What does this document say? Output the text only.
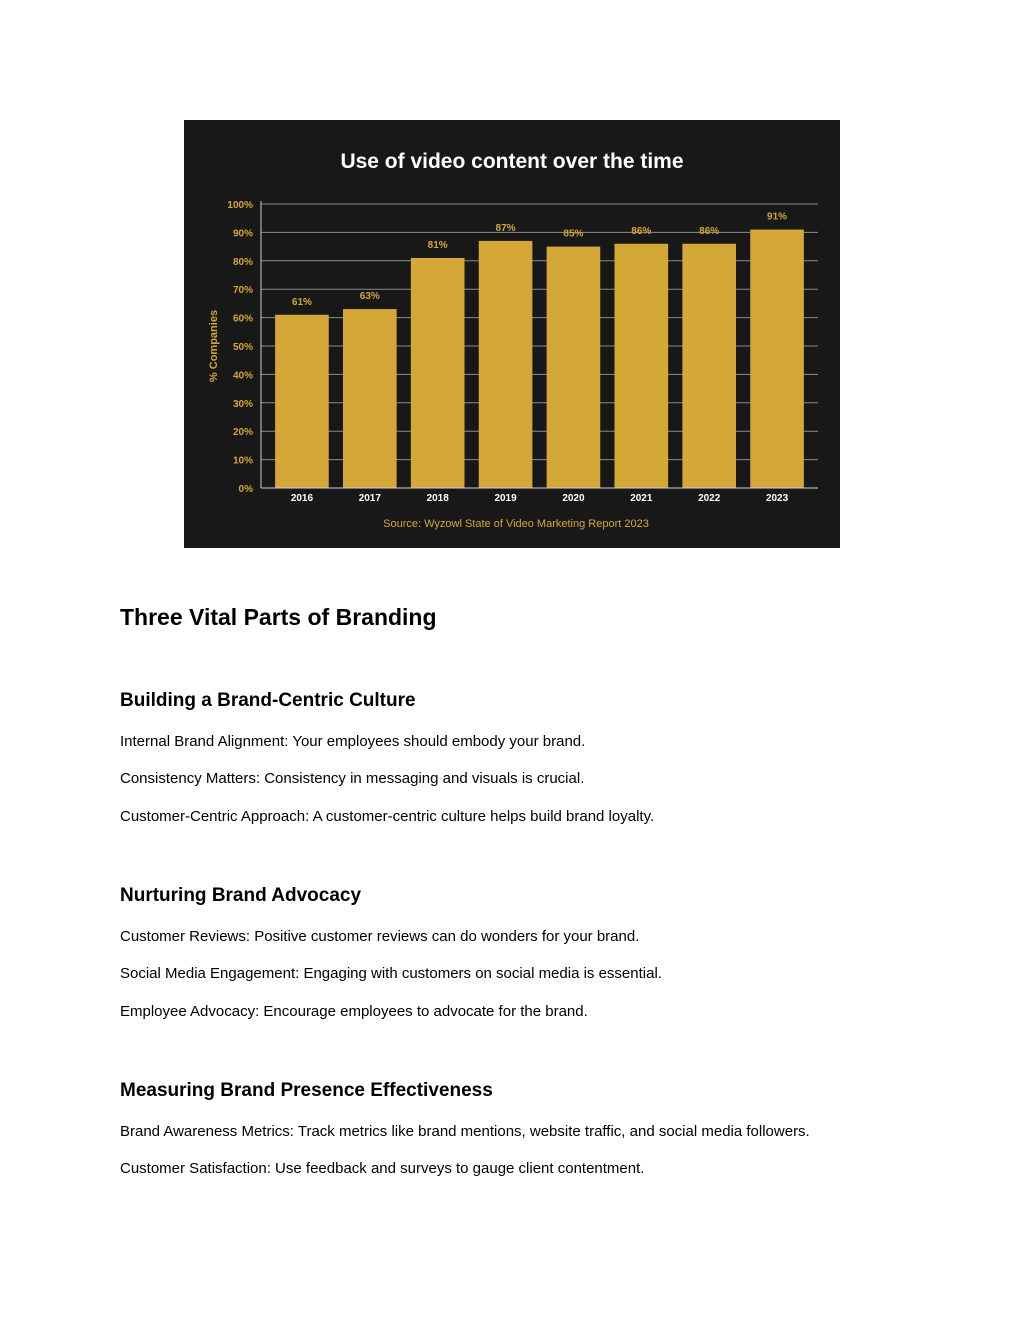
Use of video content over the time
% Companies
0%
10%
20%
30%
40%
50%
60%
70%
80%
90%
100%
61%
63%
81%
87%
85%	86%	86%
91%
2016	2017	2018	2019	2020	2021	2022	2023
Source: Wyzowl State of Video Marketing Report 2023
Three Vital Parts of Branding
Building a Brand-Centric Culture

Internal Brand Alignment: Your employees should embody your brand.

Consistency Matters: Consistency in messaging and visuals is crucial.

Customer-Centric Approach: A customer-centric culture helps build brand loyalty.

Nurturing Brand Advocacy

Customer Reviews: Positive customer reviews can do wonders for your brand.

Social Media Engagement: Engaging with customers on social media is essential.

Employee Advocacy: Encourage employees to advocate for the brand.

Measuring Brand Presence Effectiveness

Brand Awareness Metrics: Track metrics like brand mentions, website traffic, and social media followers.

Customer Satisfaction: Use feedback and surveys to gauge client contentment.
